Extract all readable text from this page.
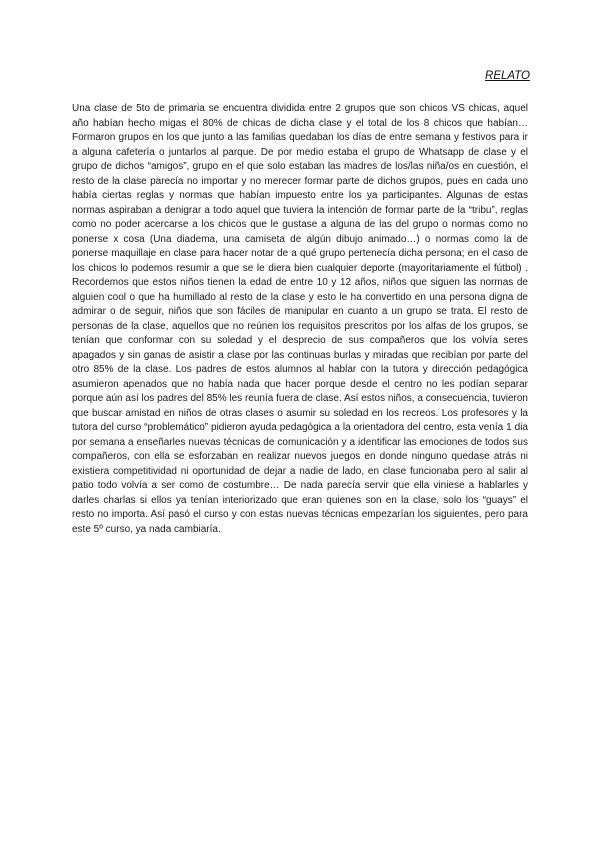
RELATO

Una clase de 5to de primaria se encuentra dividida entre 2 grupos que son chicos VS chicas, aquel año habían hecho migas el 80% de chicas de dicha clase y el total de los 8 chicos que habían… Formaron grupos en los que junto a las familias quedaban los días de entre semana y festivos para ir a alguna cafetería o juntarlos al parque. De por medio estaba el grupo de Whatsapp de clase y el grupo de dichos “amigos”, grupo en el que solo estaban las madres de los/las niña/os en cuestión, el resto de la clase parecía no importar y no merecer formar parte de dichos grupos, pues en cada uno había ciertas reglas y normas que habían impuesto entre los ya participantes. Algunas de estas normas aspiraban a denigrar a todo aquel que tuviera la intención de formar parte de la “tribu”, reglas como no poder acercarse a los chicos que le gustase a alguna de las del grupo o normas como no ponerse x cosa (Una diadema, una camiseta de algún dibujo animado…) o normas como la de ponerse maquillaje en clase para hacer notar de a qué grupo pertenecía dicha persona; en el caso de los chicos lo podemos resumir a que se le diera bien cualquier deporte (mayoritariamente el fútbol) . Recordemos que estos niños tienen la edad de entre 10 y 12 años, niños que siguen las normas de alguien cool o que ha humillado al resto de la clase y esto le ha convertido en una persona digna de admirar o de seguir, niños que son fáciles de manipular en cuanto a un grupo se trata. El resto de personas de la clase, aquellos que no reúnen los requisitos prescritos por los alfas de los grupos, se tenían que conformar con su soledad y el desprecio de sus compañeros que los volvía seres apagados y sin ganas de asistir a clase por las continuas burlas y miradas que recibían por parte del otro 85% de la clase. Los padres de estos alumnos al hablar con la tutora y dirección pedagógica asumieron apenados que no había nada que hacer porque desde el centro no les podían separar porque aún así los padres del 85% les reunía fuera de clase. Así estos niños, a consecuencia, tuvieron que buscar amistad en niños de otras clases o asumir su soledad en los recreos. Los profesores y la tutora del curso “problemático” pidieron ayuda pedagógica a la orientadora del centro, esta venía 1 dia por semana a enseñarles nuevas técnicas de comunicación y a identificar las emociones de todos sus compañeros, con ella se esforzaban en realizar nuevos juegos en donde ninguno quedase atrás ni existiera competitividad ni oportunidad de dejar a nadie de lado, en clase funcionaba pero al salir al patio todo volvía a ser como de costumbre… De nada parecía servir que ella viniese a hablarles y darles charlas si ellos ya tenían interiorizado que eran quienes son en la clase, solo los “guays” el resto no importa. Así pasó el curso y con estas nuevas técnicas empezarían los siguientes, pero para este 5º curso, ya nada cambiaría.
